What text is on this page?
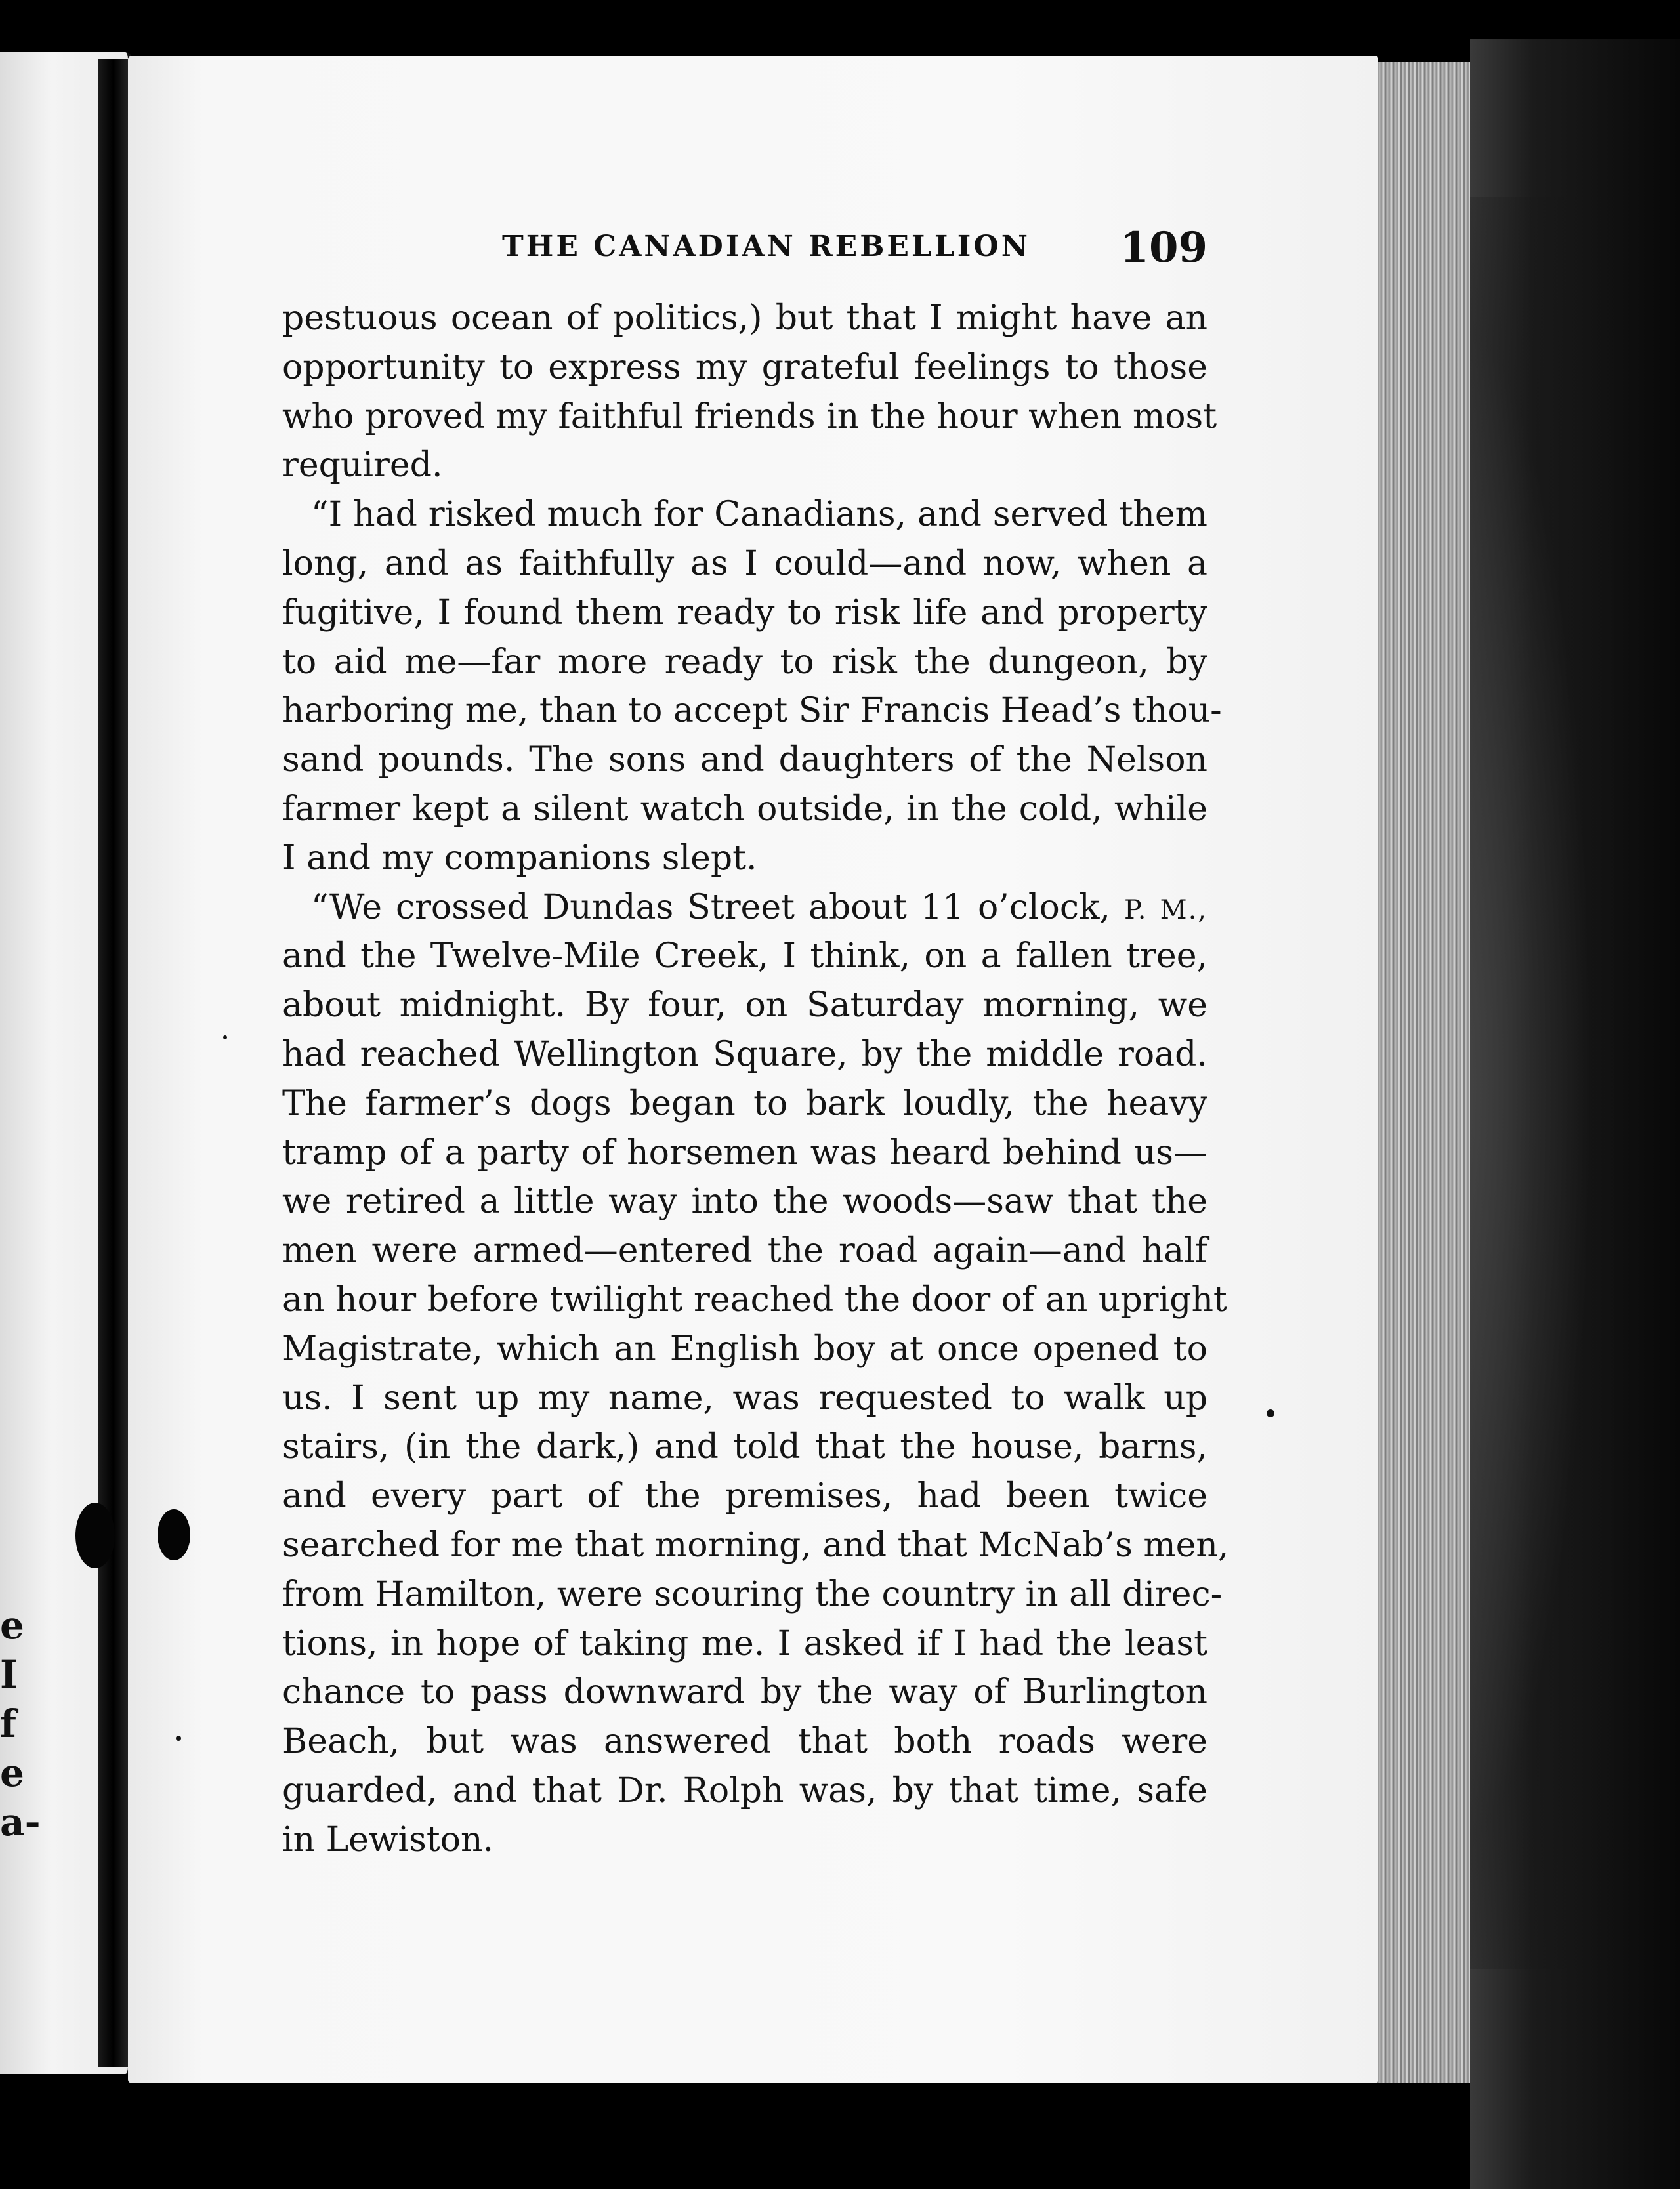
e
I
f
e
a-
THE CANADIAN REBELLION 109
pestuous ocean of politics,) but that I might have an
opportunity to express my grateful feelings to those
who proved my faithful friends in the hour when most
required.
“I had risked much for Canadians, and served them
long, and as faithfully as I could—and now, when a
fugitive, I found them ready to risk life and property
to aid me—far more ready to risk the dungeon, by
harboring me, than to accept Sir Francis Head’s thou-
sand pounds. The sons and daughters of the Nelson
farmer kept a silent watch outside, in the cold, while
I and my companions slept.
“We crossed Dundas Street about 11 o’clock, P. M.,
and the Twelve-Mile Creek, I think, on a fallen tree,
about midnight. By four, on Saturday morning, we
had reached Wellington Square, by the middle road.
The farmer’s dogs began to bark loudly, the heavy
tramp of a party of horsemen was heard behind us—
we retired a little way into the woods—saw that the
men were armed—entered the road again—and half
an hour before twilight reached the door of an upright
Magistrate, which an English boy at once opened to
us. I sent up my name, was requested to walk up
stairs, (in the dark,) and told that the house, barns,
and every part of the premises, had been twice
searched for me that morning, and that McNab’s men,
from Hamilton, were scouring the country in all direc-
tions, in hope of taking me. I asked if I had the least
chance to pass downward by the way of Burlington
Beach, but was answered that both roads were
guarded, and that Dr. Rolph was, by that time, safe
in Lewiston.
